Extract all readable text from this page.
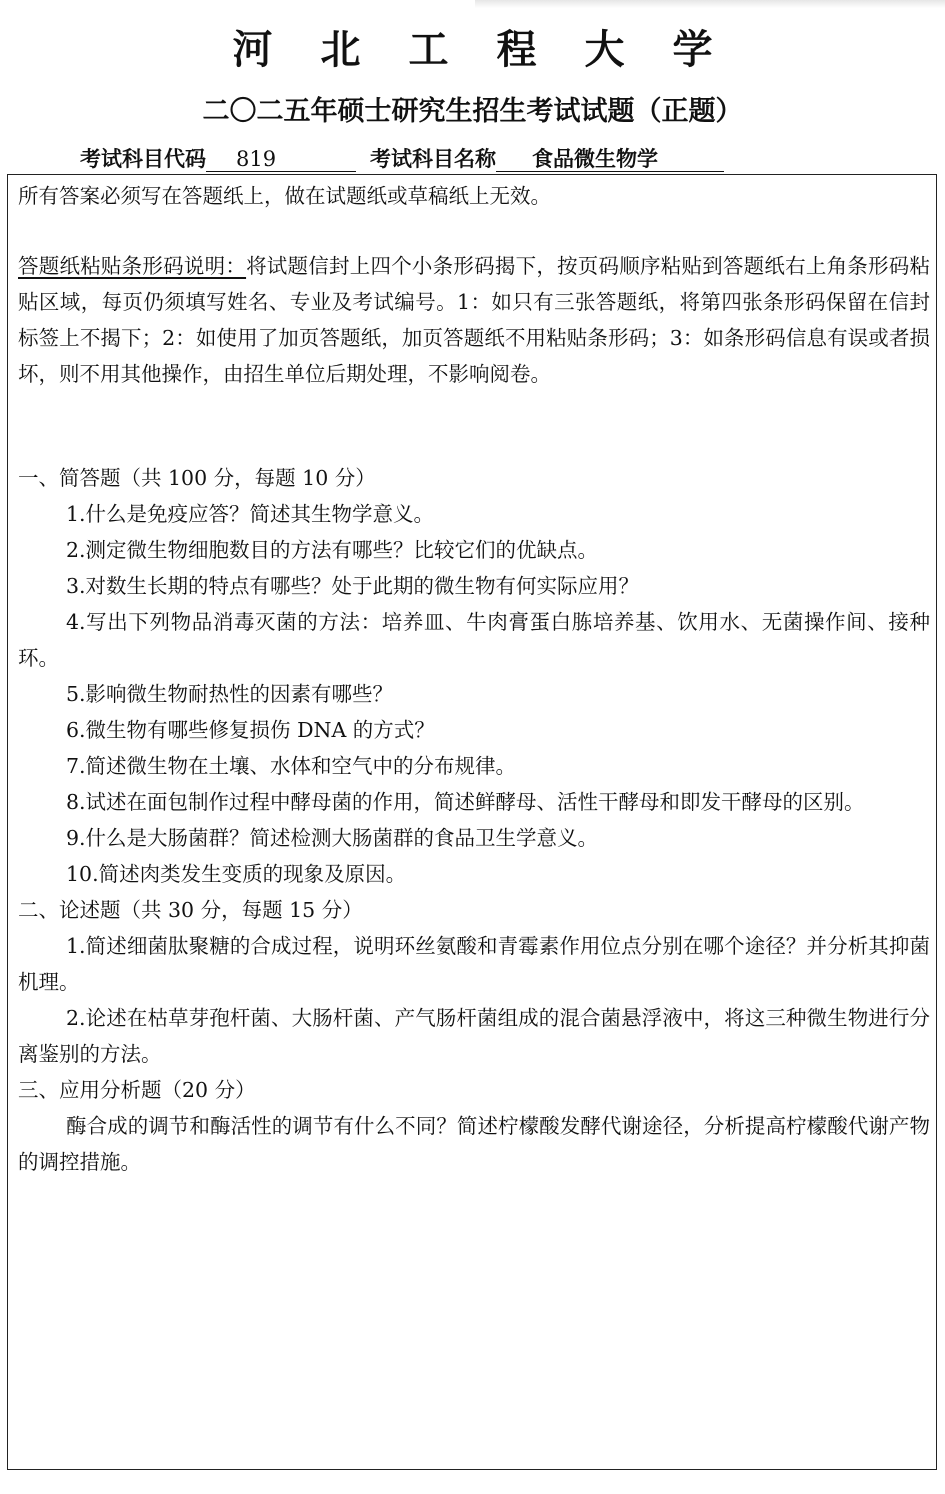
河北工程大学
二〇二五年硕士研究生招生考试试题（正题）
考试科目代码 819	考试科目名称 食品微生物学

所有答案必须写在答题纸上，做在试题纸或草稿纸上无效。

答题纸粘贴条形码说明：将试题信封上四个小条形码揭下，按页码顺序粘贴到答题纸右上角条形码粘贴区域，每页仍须填写姓名、专业及考试编号。1：如只有三张答题纸，将第四张条形码保留在信封标签上不揭下；2：如使用了加页答题纸，加页答题纸不用粘贴条形码；3：如条形码信息有误或者损坏，则不用其他操作，由招生单位后期处理，不影响阅卷。

一、简答题（共 100 分，每题 10 分）

1.什么是免疫应答？简述其生物学意义。

2.测定微生物细胞数目的方法有哪些？比较它们的优缺点。

3.对数生长期的特点有哪些？处于此期的微生物有何实际应用？

4.写出下列物品消毒灭菌的方法：培养皿、牛肉膏蛋白胨培养基、饮用水、无菌操作间、接种环。

5.影响微生物耐热性的因素有哪些？

6.微生物有哪些修复损伤 DNA 的方式？

7.简述微生物在土壤、水体和空气中的分布规律。

8.试述在面包制作过程中酵母菌的作用，简述鲜酵母、活性干酵母和即发干酵母的区别。

9.什么是大肠菌群？简述检测大肠菌群的食品卫生学意义。

10.简述肉类发生变质的现象及原因。

二、论述题（共 30 分，每题 15 分）

1.简述细菌肽聚糖的合成过程，说明环丝氨酸和青霉素作用位点分别在哪个途径？并分析其抑菌机理。

2.论述在枯草芽孢杆菌、大肠杆菌、产气肠杆菌组成的混合菌悬浮液中，将这三种微生物进行分离鉴别的方法。

三、应用分析题（20 分）

酶合成的调节和酶活性的调节有什么不同？简述柠檬酸发酵代谢途径，分析提高柠檬酸代谢产物的调控措施。
